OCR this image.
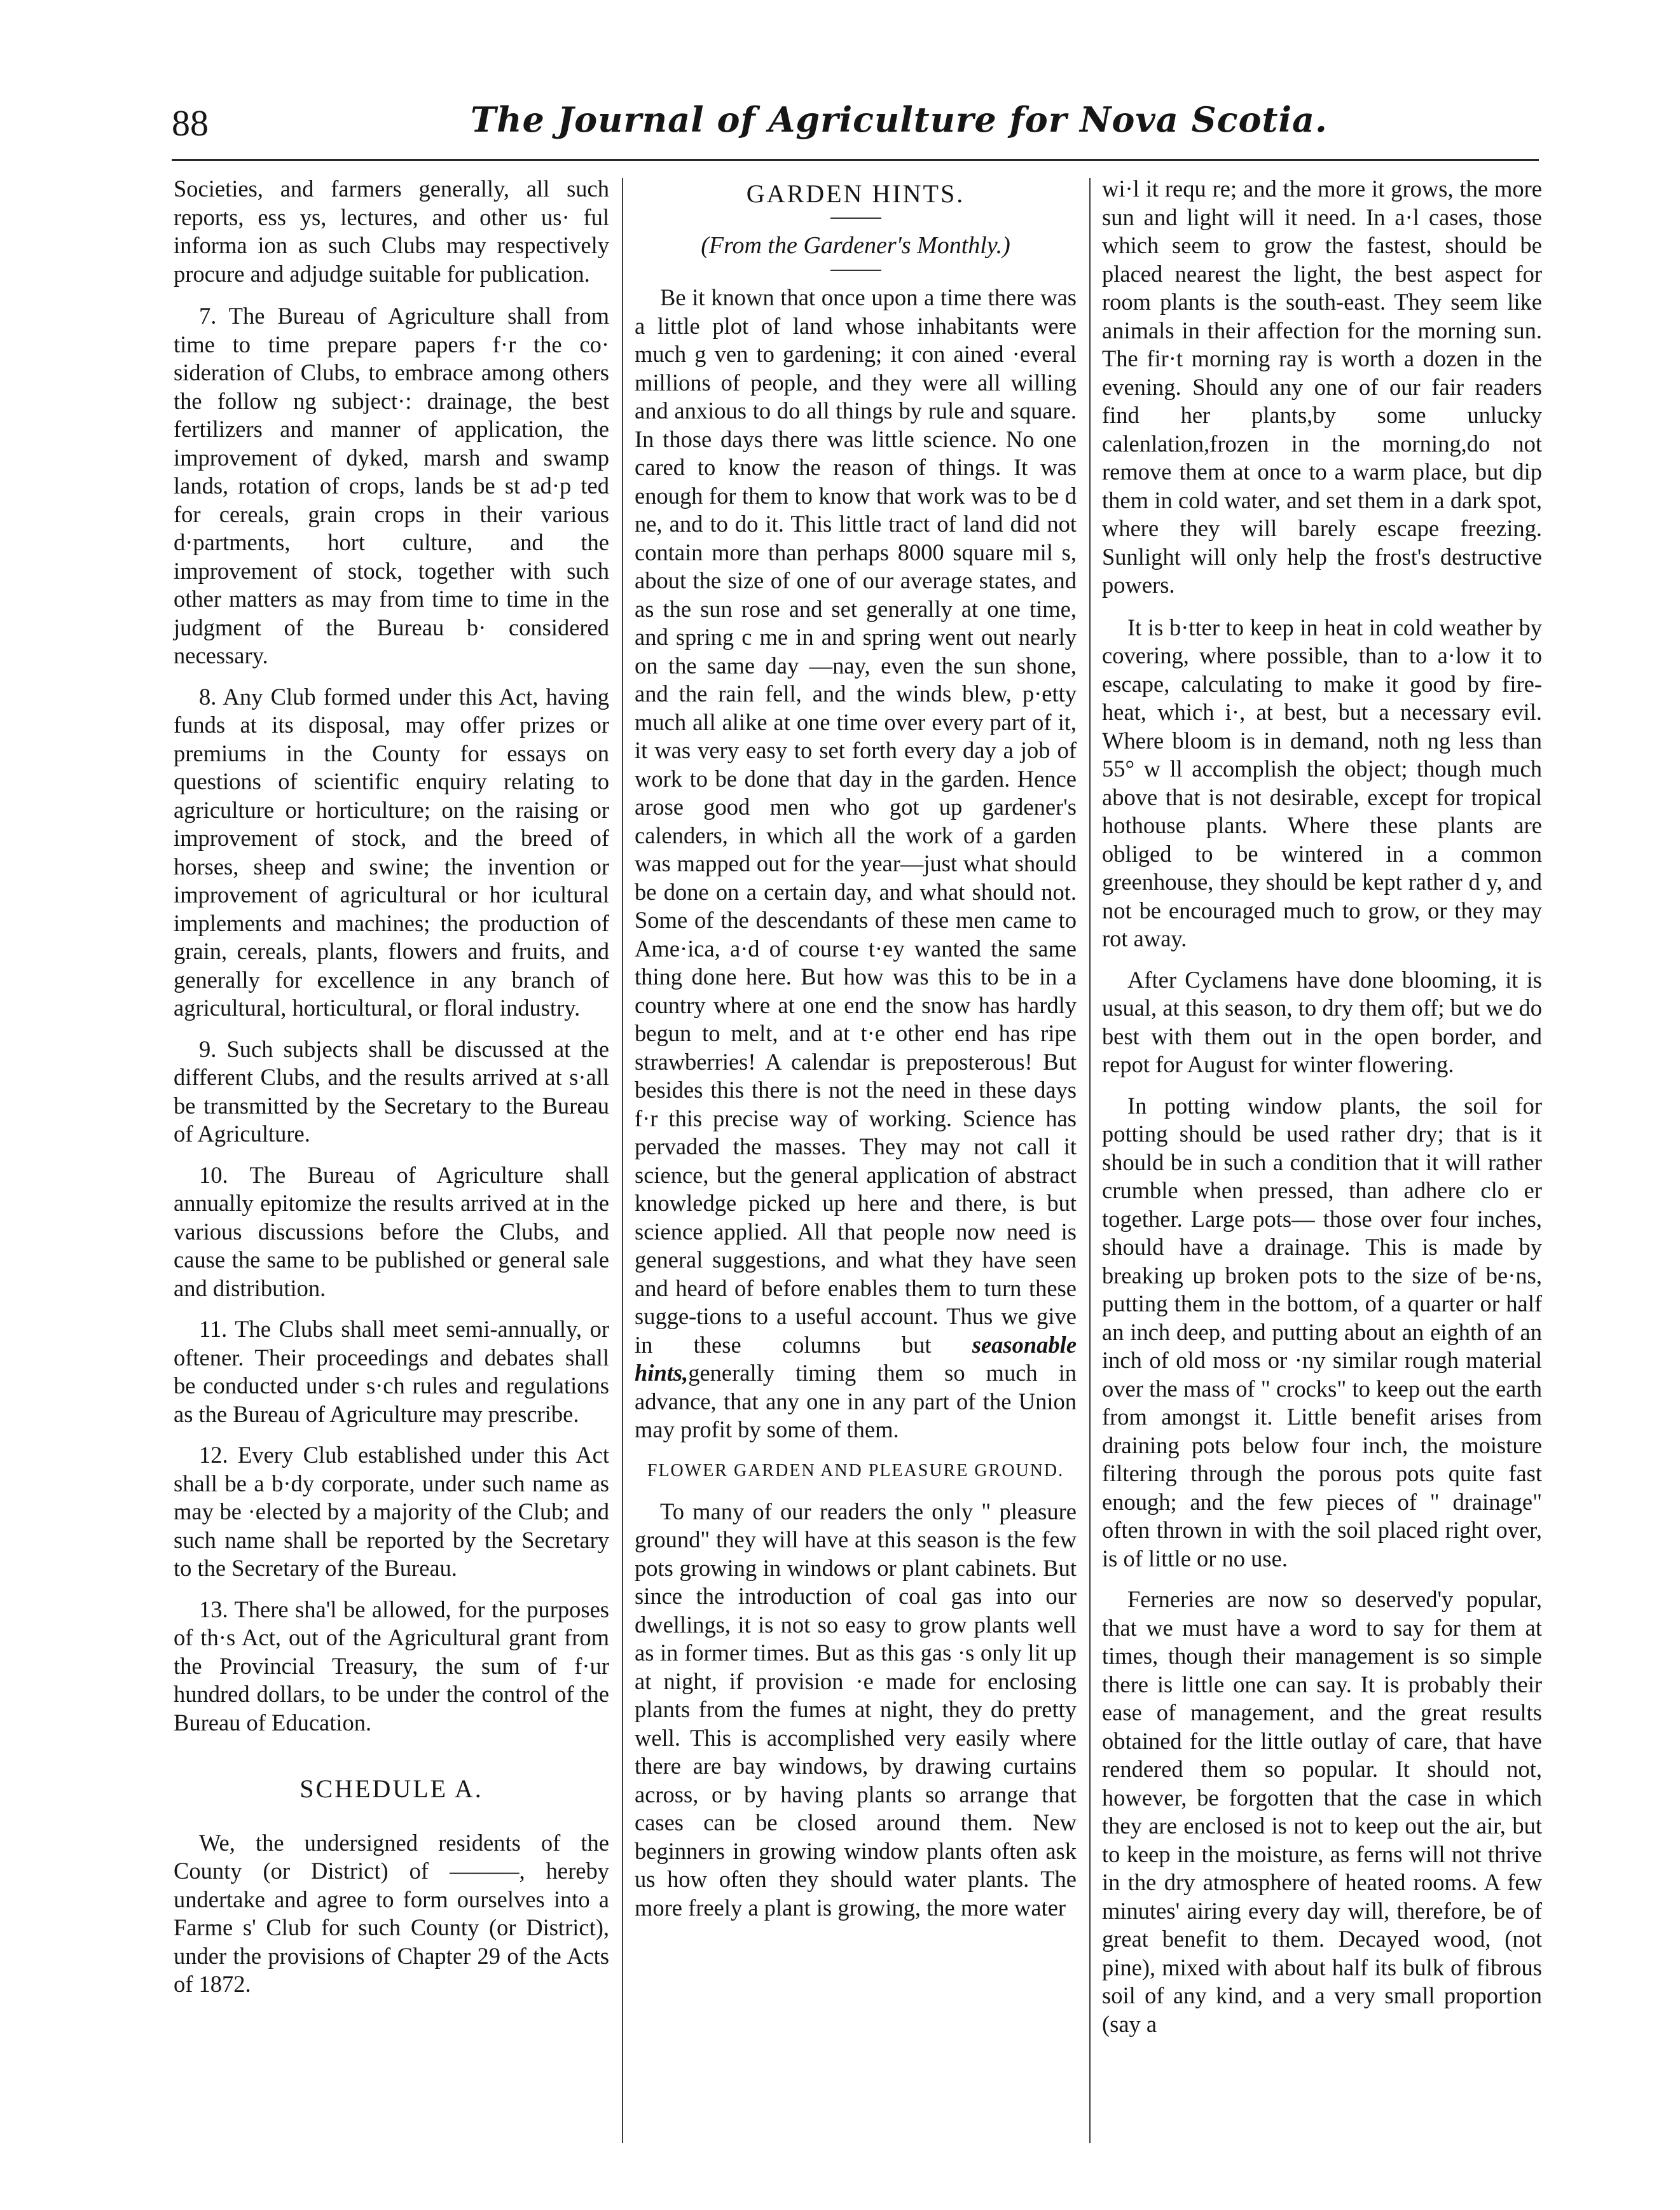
88	The Journal of Agriculture for Nova Scotia.

Societies, and farmers generally, all such reports, ess ys, lectures, and other us· ful informa ion as such Clubs may respectively procure and adjudge suitable for publication.

7. The Bureau of Agriculture shall from time to time prepare papers f·r the co· sideration of Clubs, to embrace among others the follow ng subject·: drainage, the best fertilizers and manner of application, the improvement of dyked, marsh and swamp lands, rotation of crops, lands be st ad·p ted for cereals, grain crops in their various d·partments, hort culture, and the improvement of stock, together with such other matters as may from time to time in the judgment of the Bureau b· considered necessary.

8. Any Club formed under this Act, having funds at its disposal, may offer prizes or premiums in the County for essays on questions of scientific enquiry relating to agriculture or horticulture; on the raising or improvement of stock, and the breed of horses, sheep and swine; the invention or improvement of agricultural or hor icultural implements and machines; the production of grain, cereals, plants, flowers and fruits, and generally for excellence in any branch of agricultural, horticultural, or floral industry.

9. Such subjects shall be discussed at the different Clubs, and the results arrived at s·all be transmitted by the Secretary to the Bureau of Agriculture.

10. The Bureau of Agriculture shall annually epitomize the results arrived at in the various discussions before the Clubs, and cause the same to be published or general sale and distribution.

11. The Clubs shall meet semi-annually, or oftener. Their proceedings and debates shall be conducted under s·ch rules and regulations as the Bureau of Agriculture may prescribe.

12. Every Club established under this Act shall be a b·dy corporate, under such name as may be ·elected by a majority of the Club; and such name shall be reported by the Secretary to the Secretary of the Bureau.

13. There sha'l be allowed, for the purposes of th·s Act, out of the Agricultural grant from the Provincial Treasury, the sum of f·ur hundred dollars, to be under the control of the Bureau of Education.

SCHEDULE A.

We, the undersigned residents of the County (or District) of ———, hereby undertake and agree to form ourselves into a Farme s' Club for such County (or District), under the provisions of Chapter 29 of the Acts of 1872.

GARDEN HINTS.
(From the Gardener's Monthly.)

Be it known that once upon a time there was a little plot of land whose inhabitants were much g ven to gardening; it con ained ·everal millions of people, and they were all willing and anxious to do all things by rule and square. In those days there was little science. No one cared to know the reason of things. It was enough for them to know that work was to be d ne, and to do it. This little tract of land did not contain more than perhaps 8000 square mil s, about the size of one of our average states, and as the sun rose and set generally at one time, and spring c me in and spring went out nearly on the same day —nay, even the sun shone, and the rain fell, and the winds blew, p·etty much all alike at one time over every part of it, it was very easy to set forth every day a job of work to be done that day in the garden. Hence arose good men who got up gardener's calenders, in which all the work of a garden was mapped out for the year—just what should be done on a certain day, and what should not. Some of the descendants of these men came to Ame·ica, a·d of course t·ey wanted the same thing done here. But how was this to be in a country where at one end the snow has hardly begun to melt, and at t·e other end has ripe strawberries! A calendar is preposterous! But besides this there is not the need in these days f·r this precise way of working. Science has pervaded the masses. They may not call it science, but the general application of abstract knowledge picked up here and there, is but science applied. All that people now need is general suggestions, and what they have seen and heard of before enables them to turn these sugge-tions to a useful account. Thus we give in these columns but seasonable hints,generally timing them so much in advance, that any one in any part of the Union may profit by some of them.

FLOWER GARDEN AND PLEASURE GROUND.

To many of our readers the only " pleasure ground" they will have at this season is the few pots growing in windows or plant cabinets. But since the introduction of coal gas into our dwellings, it is not so easy to grow plants well as in former times. But as this gas ·s only lit up at night, if provision ·e made for enclosing plants from the fumes at night, they do pretty well. This is accomplished very easily where there are bay windows, by drawing curtains across, or by having plants so arrange that cases can be closed around them. New beginners in growing window plants often ask us how often they should water plants. The more freely a plant is growing, the more water

wi·l it requ re; and the more it grows, the more sun and light will it need. In a·l cases, those which seem to grow the fastest, should be placed nearest the light, the best aspect for room plants is the south-east. They seem like animals in their affection for the morning sun. The fir·t morning ray is worth a dozen in the evening. Should any one of our fair readers find her plants,by some unlucky calenlation,frozen in the morning,do not remove them at once to a warm place, but dip them in cold water, and set them in a dark spot, where they will barely escape freezing. Sunlight will only help the frost's destructive powers.

It is b·tter to keep in heat in cold weather by covering, where possible, than to a·low it to escape, calculating to make it good by fire-heat, which i·, at best, but a necessary evil. Where bloom is in demand, noth ng less than 55° w ll accomplish the object; though much above that is not desirable, except for tropical hothouse plants. Where these plants are obliged to be wintered in a common greenhouse, they should be kept rather d y, and not be encouraged much to grow, or they may rot away.

After Cyclamens have done blooming, it is usual, at this season, to dry them off; but we do best with them out in the open border, and repot for August for winter flowering.

In potting window plants, the soil for potting should be used rather dry; that is it should be in such a condition that it will rather crumble when pressed, than adhere clo er together. Large pots— those over four inches, should have a drainage. This is made by breaking up broken pots to the size of be·ns, putting them in the bottom, of a quarter or half an inch deep, and putting about an eighth of an inch of old moss or ·ny similar rough material over the mass of " crocks" to keep out the earth from amongst it. Little benefit arises from draining pots below four inch, the moisture filtering through the porous pots quite fast enough; and the few pieces of " drainage" often thrown in with the soil placed right over, is of little or no use.

Ferneries are now so deserved'y popular, that we must have a word to say for them at times, though their management is so simple there is little one can say. It is probably their ease of management, and the great results obtained for the little outlay of care, that have rendered them so popular. It should not, however, be forgotten that the case in which they are enclosed is not to keep out the air, but to keep in the moisture, as ferns will not thrive in the dry atmosphere of heated rooms. A few minutes' airing every day will, therefore, be of great benefit to them. Decayed wood, (not pine), mixed with about half its bulk of fibrous soil of any kind, and a very small proportion (say a
